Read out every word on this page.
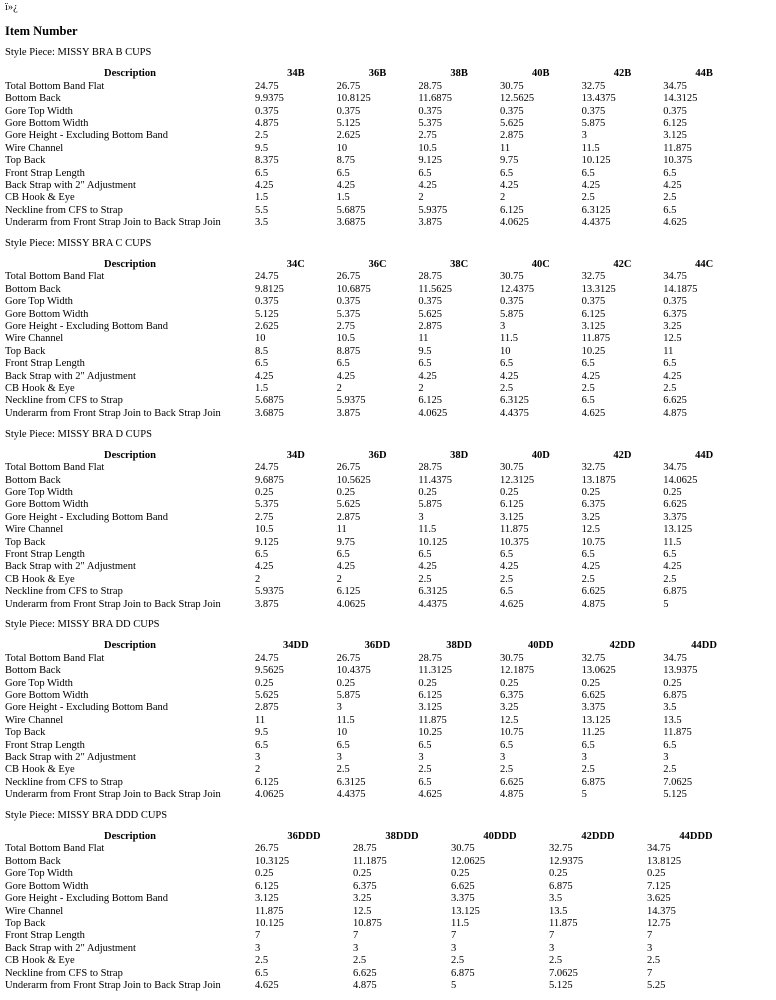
ï»¿

Item Number

Style Piece: MISSY BRA B CUPS

Description	34B	36B	38B	40B	42B	44B
Total Bottom Band Flat	24.75	26.75	28.75	30.75	32.75	34.75
Bottom Back	9.9375	10.8125	11.6875	12.5625	13.4375	14.3125
Gore Top Width	0.375	0.375	0.375	0.375	0.375	0.375
Gore Bottom Width	4.875	5.125	5.375	5.625	5.875	6.125
Gore Height - Excluding Bottom Band	2.5	2.625	2.75	2.875	3	3.125
Wire Channel	9.5	10	10.5	11	11.5	11.875
Top Back	8.375	8.75	9.125	9.75	10.125	10.375
Front Strap Length	6.5	6.5	6.5	6.5	6.5	6.5
Back Strap with 2" Adjustment	4.25	4.25	4.25	4.25	4.25	4.25
CB Hook & Eye	1.5	1.5	2	2	2.5	2.5
Neckline from CFS to Strap	5.5	5.6875	5.9375	6.125	6.3125	6.5
Underarm from Front Strap Join to Back Strap Join	3.5	3.6875	3.875	4.0625	4.4375	4.625

Style Piece: MISSY BRA C CUPS

Description	34C	36C	38C	40C	42C	44C
Total Bottom Band Flat	24.75	26.75	28.75	30.75	32.75	34.75
Bottom Back	9.8125	10.6875	11.5625	12.4375	13.3125	14.1875
Gore Top Width	0.375	0.375	0.375	0.375	0.375	0.375
Gore Bottom Width	5.125	5.375	5.625	5.875	6.125	6.375
Gore Height - Excluding Bottom Band	2.625	2.75	2.875	3	3.125	3.25
Wire Channel	10	10.5	11	11.5	11.875	12.5
Top Back	8.5	8.875	9.5	10	10.25	11
Front Strap Length	6.5	6.5	6.5	6.5	6.5	6.5
Back Strap with 2" Adjustment	4.25	4.25	4.25	4.25	4.25	4.25
CB Hook & Eye	1.5	2	2	2.5	2.5	2.5
Neckline from CFS to Strap	5.6875	5.9375	6.125	6.3125	6.5	6.625
Underarm from Front Strap Join to Back Strap Join	3.6875	3.875	4.0625	4.4375	4.625	4.875

Style Piece: MISSY BRA D CUPS

Description	34D	36D	38D	40D	42D	44D
Total Bottom Band Flat	24.75	26.75	28.75	30.75	32.75	34.75
Bottom Back	9.6875	10.5625	11.4375	12.3125	13.1875	14.0625
Gore Top Width	0.25	0.25	0.25	0.25	0.25	0.25
Gore Bottom Width	5.375	5.625	5.875	6.125	6.375	6.625
Gore Height - Excluding Bottom Band	2.75	2.875	3	3.125	3.25	3.375
Wire Channel	10.5	11	11.5	11.875	12.5	13.125
Top Back	9.125	9.75	10.125	10.375	10.75	11.5
Front Strap Length	6.5	6.5	6.5	6.5	6.5	6.5
Back Strap with 2" Adjustment	4.25	4.25	4.25	4.25	4.25	4.25
CB Hook & Eye	2	2	2.5	2.5	2.5	2.5
Neckline from CFS to Strap	5.9375	6.125	6.3125	6.5	6.625	6.875
Underarm from Front Strap Join to Back Strap Join	3.875	4.0625	4.4375	4.625	4.875	5

Style Piece: MISSY BRA DD CUPS

Description	34DD	36DD	38DD	40DD	42DD	44DD
Total Bottom Band Flat	24.75	26.75	28.75	30.75	32.75	34.75
Bottom Back	9.5625	10.4375	11.3125	12.1875	13.0625	13.9375
Gore Top Width	0.25	0.25	0.25	0.25	0.25	0.25
Gore Bottom Width	5.625	5.875	6.125	6.375	6.625	6.875
Gore Height - Excluding Bottom Band	2.875	3	3.125	3.25	3.375	3.5
Wire Channel	11	11.5	11.875	12.5	13.125	13.5
Top Back	9.5	10	10.25	10.75	11.25	11.875
Front Strap Length	6.5	6.5	6.5	6.5	6.5	6.5
Back Strap with 2" Adjustment	3	3	3	3	3	3
CB Hook & Eye	2	2.5	2.5	2.5	2.5	2.5
Neckline from CFS to Strap	6.125	6.3125	6.5	6.625	6.875	7.0625
Underarm from Front Strap Join to Back Strap Join	4.0625	4.4375	4.625	4.875	5	5.125

Style Piece: MISSY BRA DDD CUPS

Description	36DDD	38DDD	40DDD	42DDD	44DDD
Total Bottom Band Flat	26.75	28.75	30.75	32.75	34.75
Bottom Back	10.3125	11.1875	12.0625	12.9375	13.8125
Gore Top Width	0.25	0.25	0.25	0.25	0.25
Gore Bottom Width	6.125	6.375	6.625	6.875	7.125
Gore Height - Excluding Bottom Band	3.125	3.25	3.375	3.5	3.625
Wire Channel	11.875	12.5	13.125	13.5	14.375
Top Back	10.125	10.875	11.5	11.875	12.75
Front Strap Length	7	7	7	7	7
Back Strap with 2" Adjustment	3	3	3	3	3
CB Hook & Eye	2.5	2.5	2.5	2.5	2.5
Neckline from CFS to Strap	6.5	6.625	6.875	7.0625	7
Underarm from Front Strap Join to Back Strap Join	4.625	4.875	5	5.125	5.25
